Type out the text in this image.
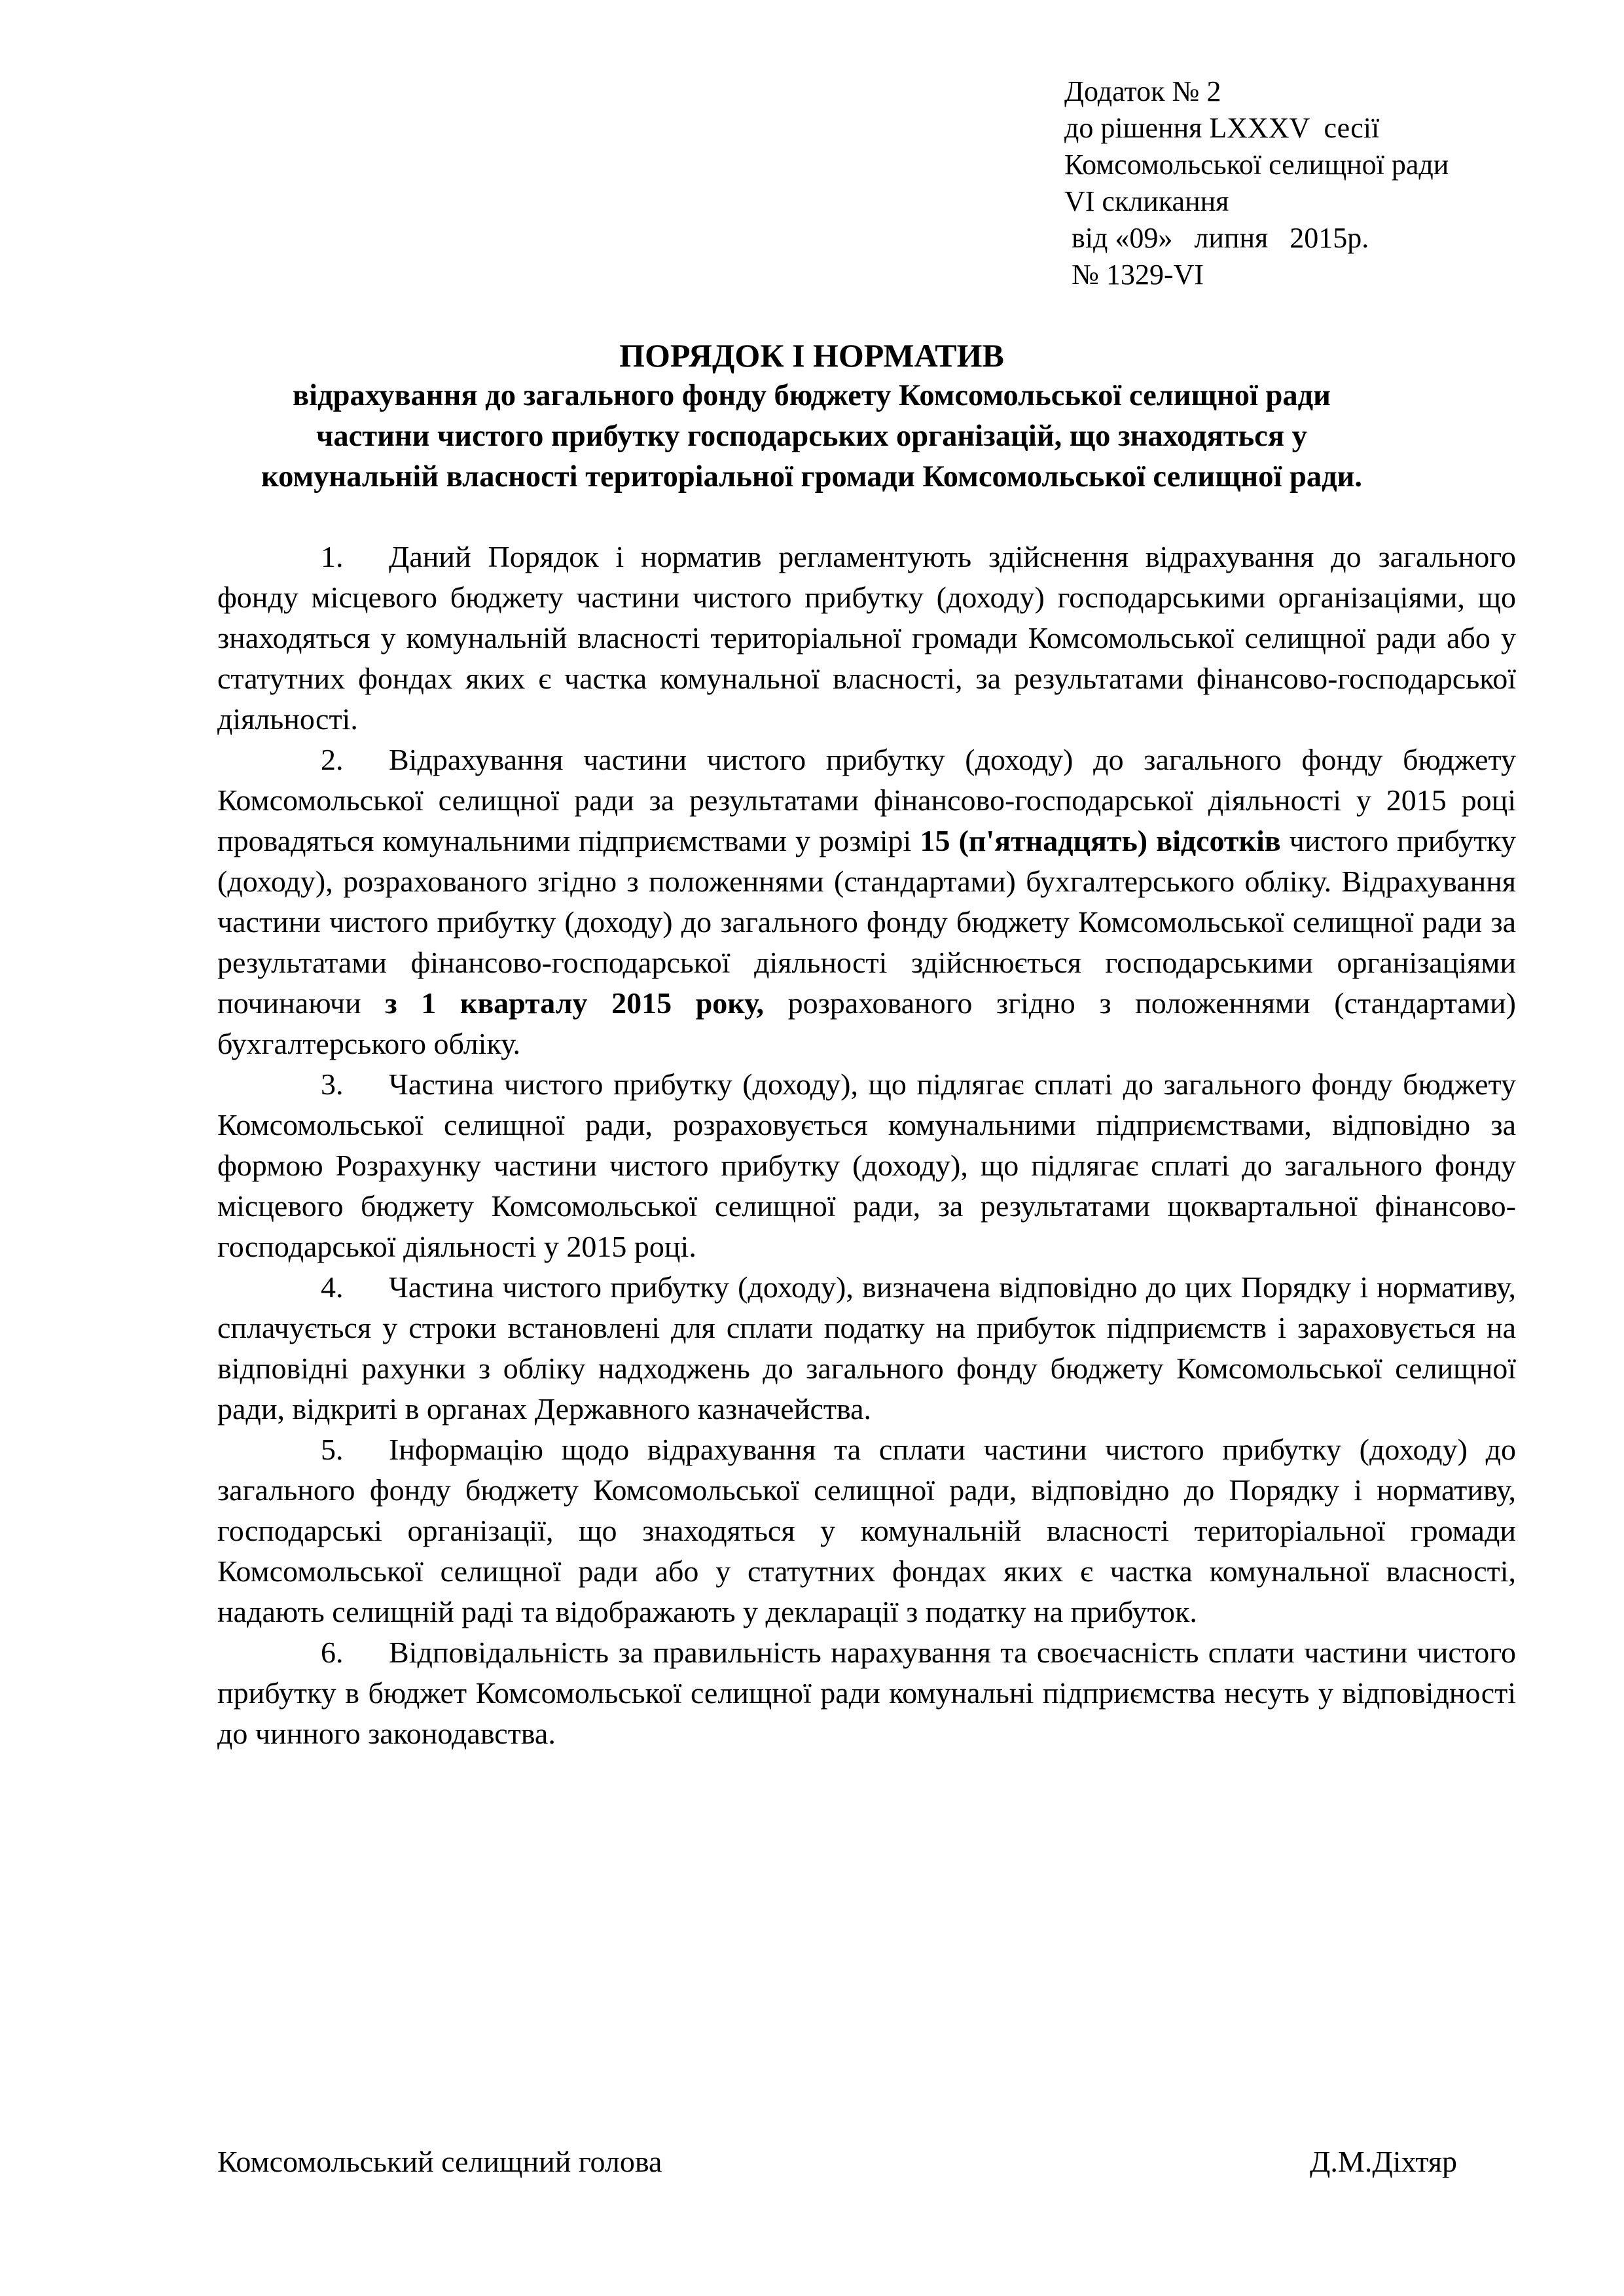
Додаток № 2
до рішення LXXXV  сесії
Комсомольської селищної ради
VI скликання
від «09»   липня   2015р.
№ 1329-VI
ПОРЯДОК І НОРМАТИВ
відрахування до загального фонду бюджету Комсомольської селищної ради
частини чистого прибутку господарських організацій, що знаходяться у
комунальній власності територіальної громади Комсомольської селищної ради.

1. Даний Порядок і норматив регламентують здійснення відрахування до загального фонду місцевого бюджету частини чистого прибутку (доходу) господарськими організаціями, що знаходяться у комунальній власності територіальної громади Комсомольської селищної ради або у статутних фондах яких є частка комунальної власності, за результатами фінансово-господарської діяльності.

2. Відрахування частини чистого прибутку (доходу) до загального фонду бюджету Комсомольської селищної ради за результатами фінансово-господарської діяльності у 2015 році провадяться комунальними підприємствами у розмірі 15 (п'ятнадцять) відсотків чистого прибутку (доходу), розрахованого згідно з положеннями (стандартами) бухгалтерського обліку. Відрахування частини чистого прибутку (доходу) до загального фонду бюджету Комсомольської селищної ради за результатами фінансово-господарської діяльності здійснюється господарськими організаціями починаючи з 1 кварталу 2015 року, розрахованого згідно з положеннями (стандартами) бухгалтерського обліку.

3. Частина чистого прибутку (доходу), що підлягає сплаті до загального фонду бюджету Комсомольської селищної ради, розраховується комунальними підприємствами, відповідно за формою Розрахунку частини чистого прибутку (доходу), що підлягає сплаті до загального фонду місцевого бюджету Комсомольської селищної ради, за результатами щоквартальної фінансово-господарської діяльності у 2015 році.

4. Частина чистого прибутку (доходу), визначена відповідно до цих Порядку і нормативу, сплачується у строки встановлені для сплати податку на прибуток підприємств і зараховується на відповідні рахунки з обліку надходжень до загального фонду бюджету Комсомольської селищної ради, відкриті в органах Державного казначейства.

5. Інформацію щодо відрахування та сплати частини чистого прибутку (доходу) до загального фонду бюджету Комсомольської селищної ради, відповідно до Порядку і нормативу, господарські організації, що знаходяться у комунальній власності територіальної громади Комсомольської селищної ради або у статутних фондах яких є частка комунальної власності, надають селищній раді та відображають у декларації з податку на прибуток.

6. Відповідальність за правильність нарахування та своєчасність сплати частини чистого прибутку в бюджет Комсомольської селищної ради комунальні підприємства несуть у відповідності до чинного законодавства.

Комсомольський селищний голова	Д.М.Діхтяр
